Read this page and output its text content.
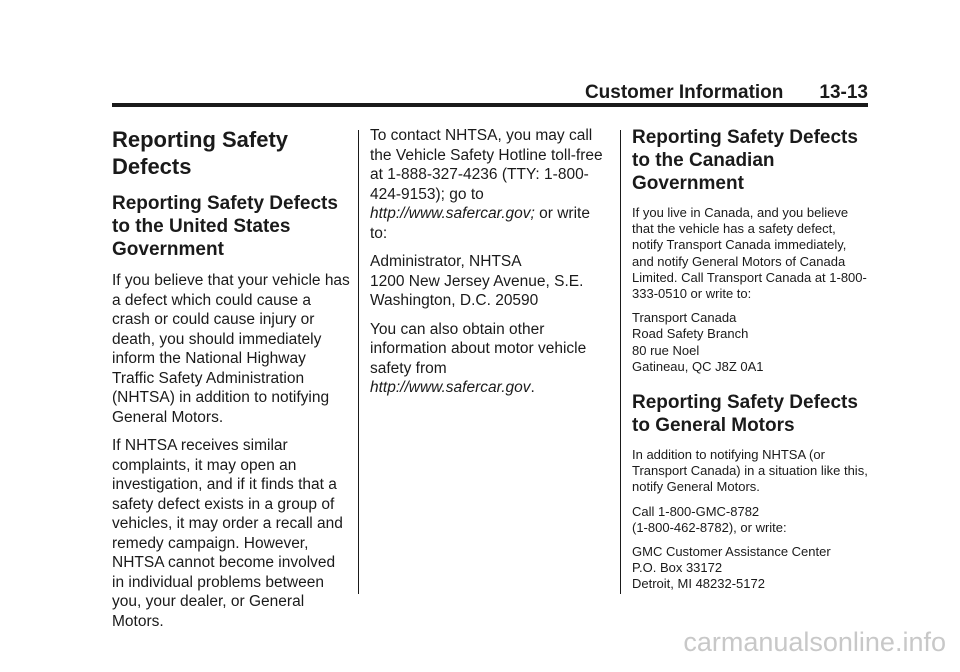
Customer Information 13-13
Reporting Safety Defects
Reporting Safety Defects to the United States Government

If you believe that your vehicle has a defect which could cause a crash or could cause injury or death, you should immediately inform the National Highway Traffic Safety Administration (NHTSA) in addition to notifying General Motors.

If NHTSA receives similar complaints, it may open an investigation, and if it finds that a safety defect exists in a group of vehicles, it may order a recall and remedy campaign. However, NHTSA cannot become involved in individual problems between you, your dealer, or General Motors.

To contact NHTSA, you may call the Vehicle Safety Hotline toll-free at 1-888-327-4236 (TTY: 1-800-424-9153); go to http://www.safercar.gov; or write to:

Administrator, NHTSA
1200 New Jersey Avenue, S.E.
Washington, D.C. 20590

You can also obtain other information about motor vehicle safety from http://www.safercar.gov.

Reporting Safety Defects to the Canadian Government

If you live in Canada, and you believe that the vehicle has a safety defect, notify Transport Canada immediately, and notify General Motors of Canada Limited. Call Transport Canada at 1-800-333-0510 or write to:

Transport Canada
Road Safety Branch
80 rue Noel
Gatineau, QC J8Z 0A1

Reporting Safety Defects to General Motors

In addition to notifying NHTSA (or Transport Canada) in a situation like this, notify General Motors.

Call 1-800-GMC-8782
(1-800-462-8782), or write:

GMC Customer Assistance Center
P.O. Box 33172
Detroit, MI 48232-5172

carmanualsonline.info
